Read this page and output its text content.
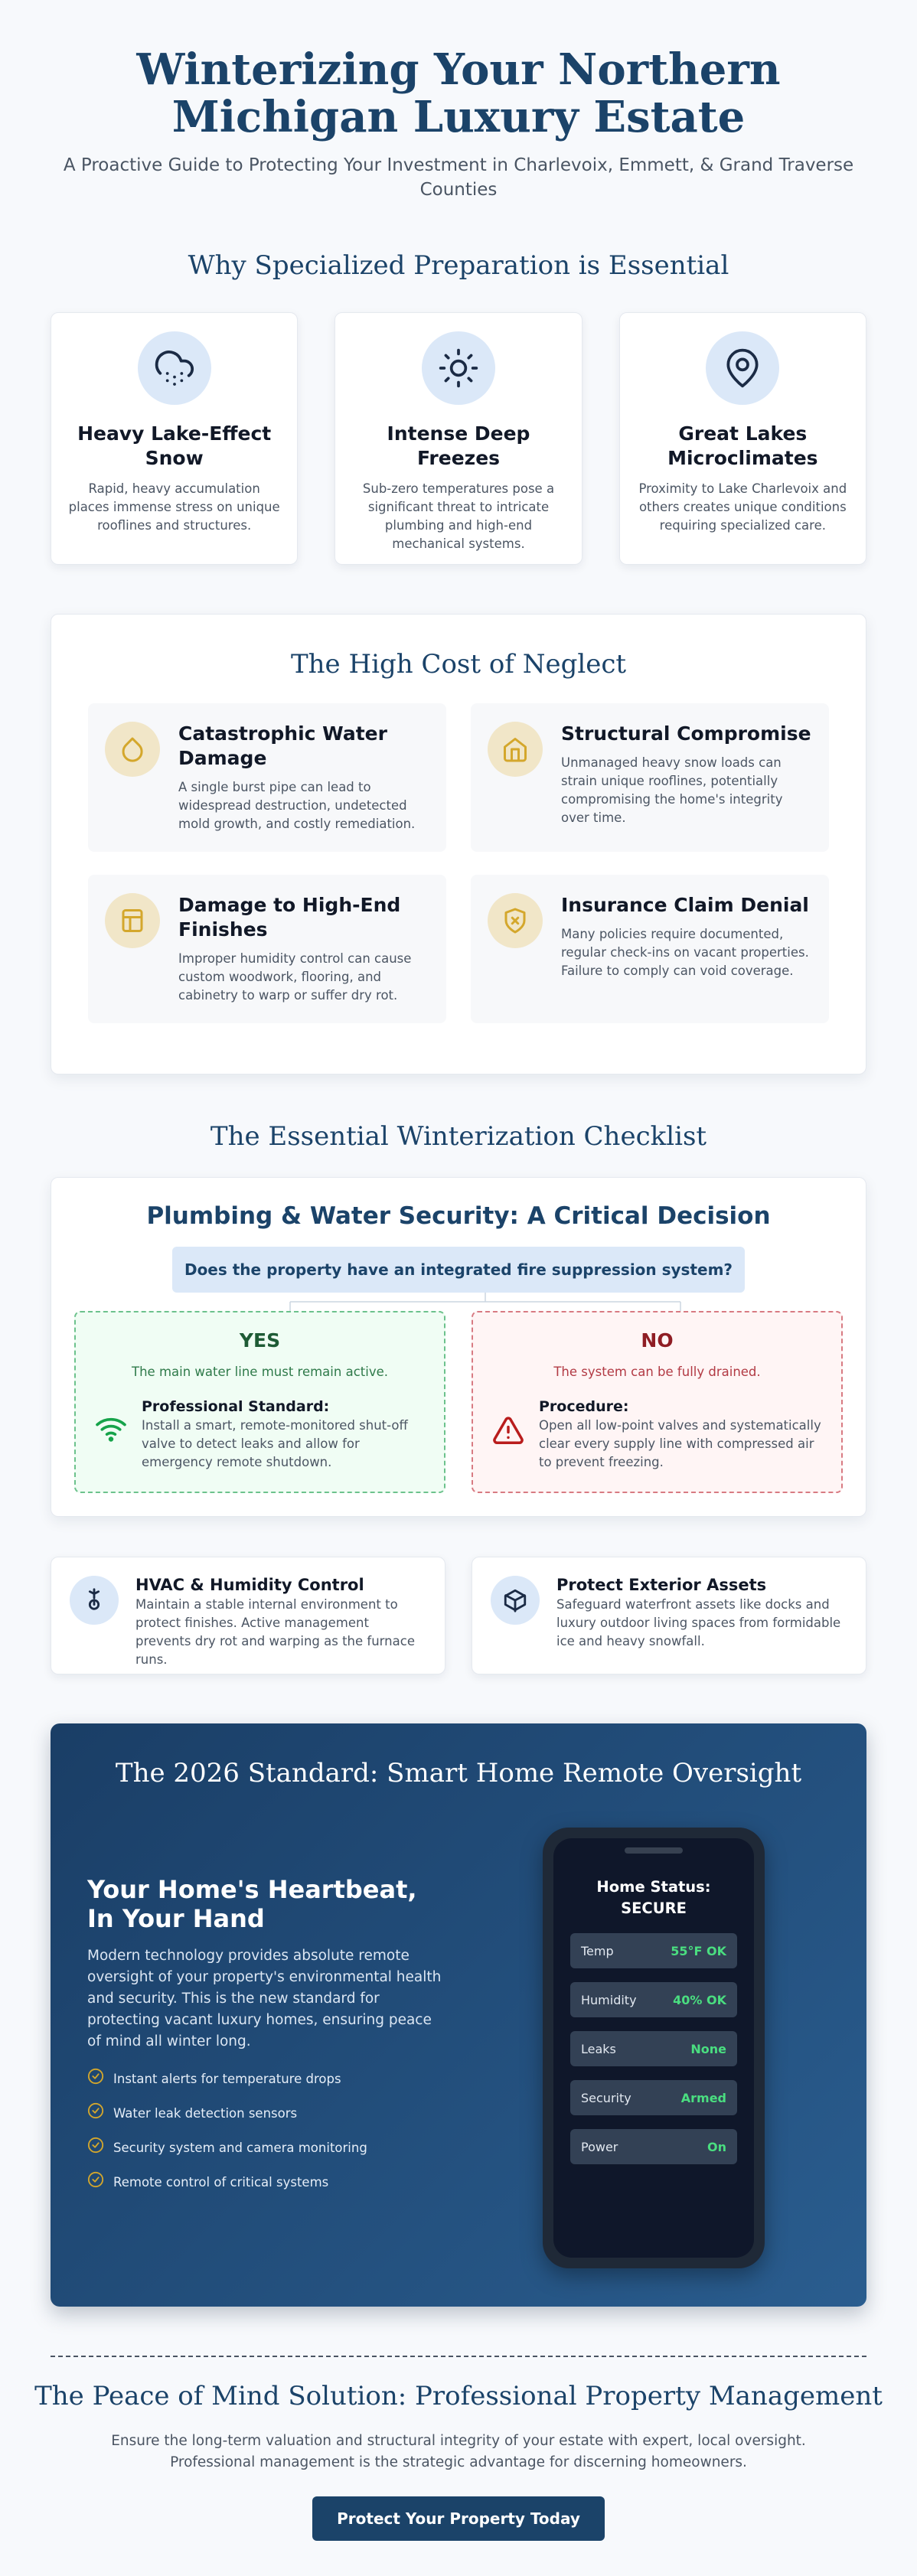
Winterizing Your Northern Michigan Luxury Estate

A Proactive Guide to Protecting Your Investment in Charlevoix, Emmett, & Grand Traverse Counties

Why Specialized Preparation is Essential
Heavy Lake-Effect Snow

Rapid, heavy accumulation places immense stress on unique rooflines and structures.

Intense Deep Freezes

Sub-zero temperatures pose a significant threat to intricate plumbing and high-end mechanical systems.

Great Lakes Microclimates

Proximity to Lake Charlevoix and others creates unique conditions requiring specialized care.

The High Cost of Neglect
Catastrophic Water Damage

A single burst pipe can lead to widespread destruction, undetected mold growth, and costly remediation.

Structural Compromise

Unmanaged heavy snow loads can strain unique rooflines, potentially compromising the home's integrity over time.

Damage to High-End Finishes

Improper humidity control can cause custom woodwork, flooring, and cabinetry to warp or suffer dry rot.

Insurance Claim Denial

Many policies require documented, regular check-ins on vacant properties. Failure to comply can void coverage.

The Essential Winterization Checklist
Plumbing & Water Security: A Critical Decision
Does the property have an integrated fire suppression system?
YES
The main water line must remain active.
Professional Standard:

Install a smart, remote-monitored shut-off valve to detect leaks and allow for emergency remote shutdown.

NO
The system can be fully drained.
Procedure:

Open all low-point valves and systematically clear every supply line with compressed air to prevent freezing.

HVAC & Humidity Control

Maintain a stable internal environment to protect finishes. Active management prevents dry rot and warping as the furnace runs.

Protect Exterior Assets

Safeguard waterfront assets like docks and luxury outdoor living spaces from formidable ice and heavy snowfall.

The 2026 Standard: Smart Home Remote Oversight
Your Home's Heartbeat, In Your Hand

Modern technology provides absolute remote oversight of your property's environmental health and security. This is the new standard for protecting vacant luxury homes, ensuring peace of mind all winter long.

Instant alerts for temperature drops
Water leak detection sensors
Security system and camera monitoring
Remote control of critical systems
Home Status: SECURE
Temp	55°F OK
Humidity	40% OK
Leaks	None
Security	Armed
Power	On
The Peace of Mind Solution: Professional Property Management

Ensure the long-term valuation and structural integrity of your estate with expert, local oversight. Professional management is the strategic advantage for discerning homeowners.

Protect Your Property Today
